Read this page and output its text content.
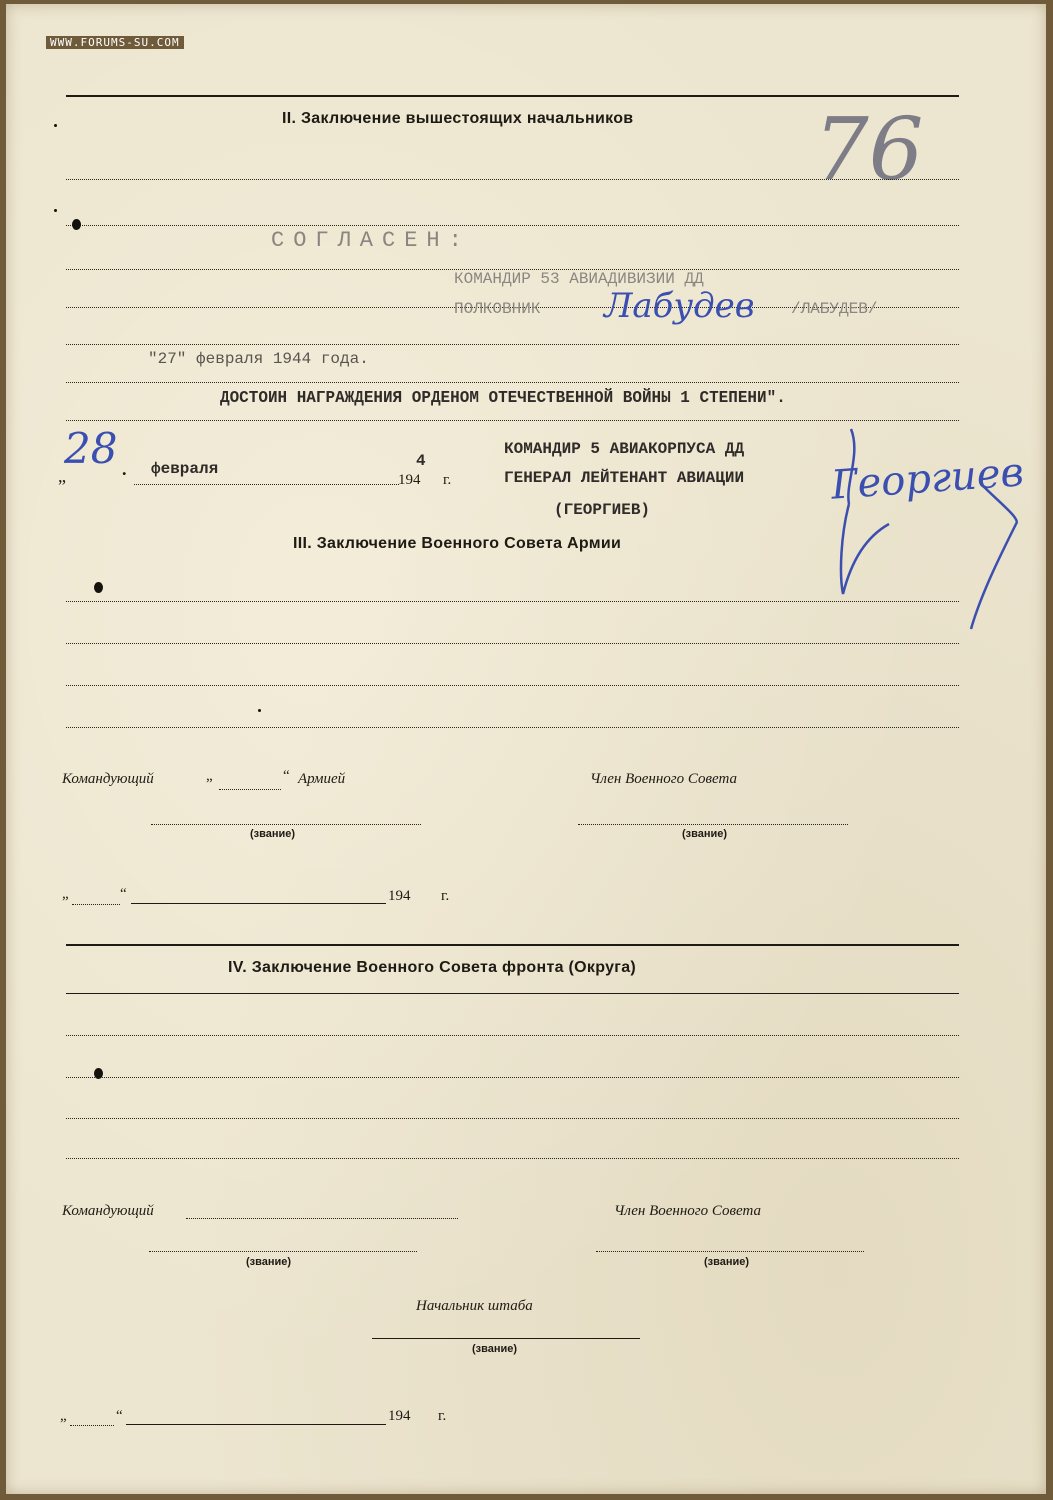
WWW.FORUMS-SU.COM
II. Заключение вышестоящих начальников 76
СОГЛАСЕН:
КОМАНДИР 53 АВИАДИВИЗИИ ДД
ПОЛКОВНИК	/ЛАБУДЕВ/
Лабудев
"27" февраля 1944 года.
ДОСТОИН НАГРАЖДЕНИЯ ОРДЕНОМ ОТЕЧЕСТВЕННОЙ ВОЙНЫ 1 СТЕПЕНИ".
„
28 . февраля
194
4
г.
КОМАНДИР 5 АВИАКОРПУСА ДД
ГЕНЕРАЛ ЛЕЙТЕНАНТ АВИАЦИИ
(ГЕОРГИЕВ)
Георгиев
III. Заключение Военного Совета Армии
Командующий	„	“ Армией	Член Военного Совета
(звание)	(звание)
„	“	194 г.
IV. Заключение Военного Совета фронта (Округа)
Командующий	Член Военного Совета
(звание)	(звание)
Начальник штаба
(звание)
„	“	194 г.
